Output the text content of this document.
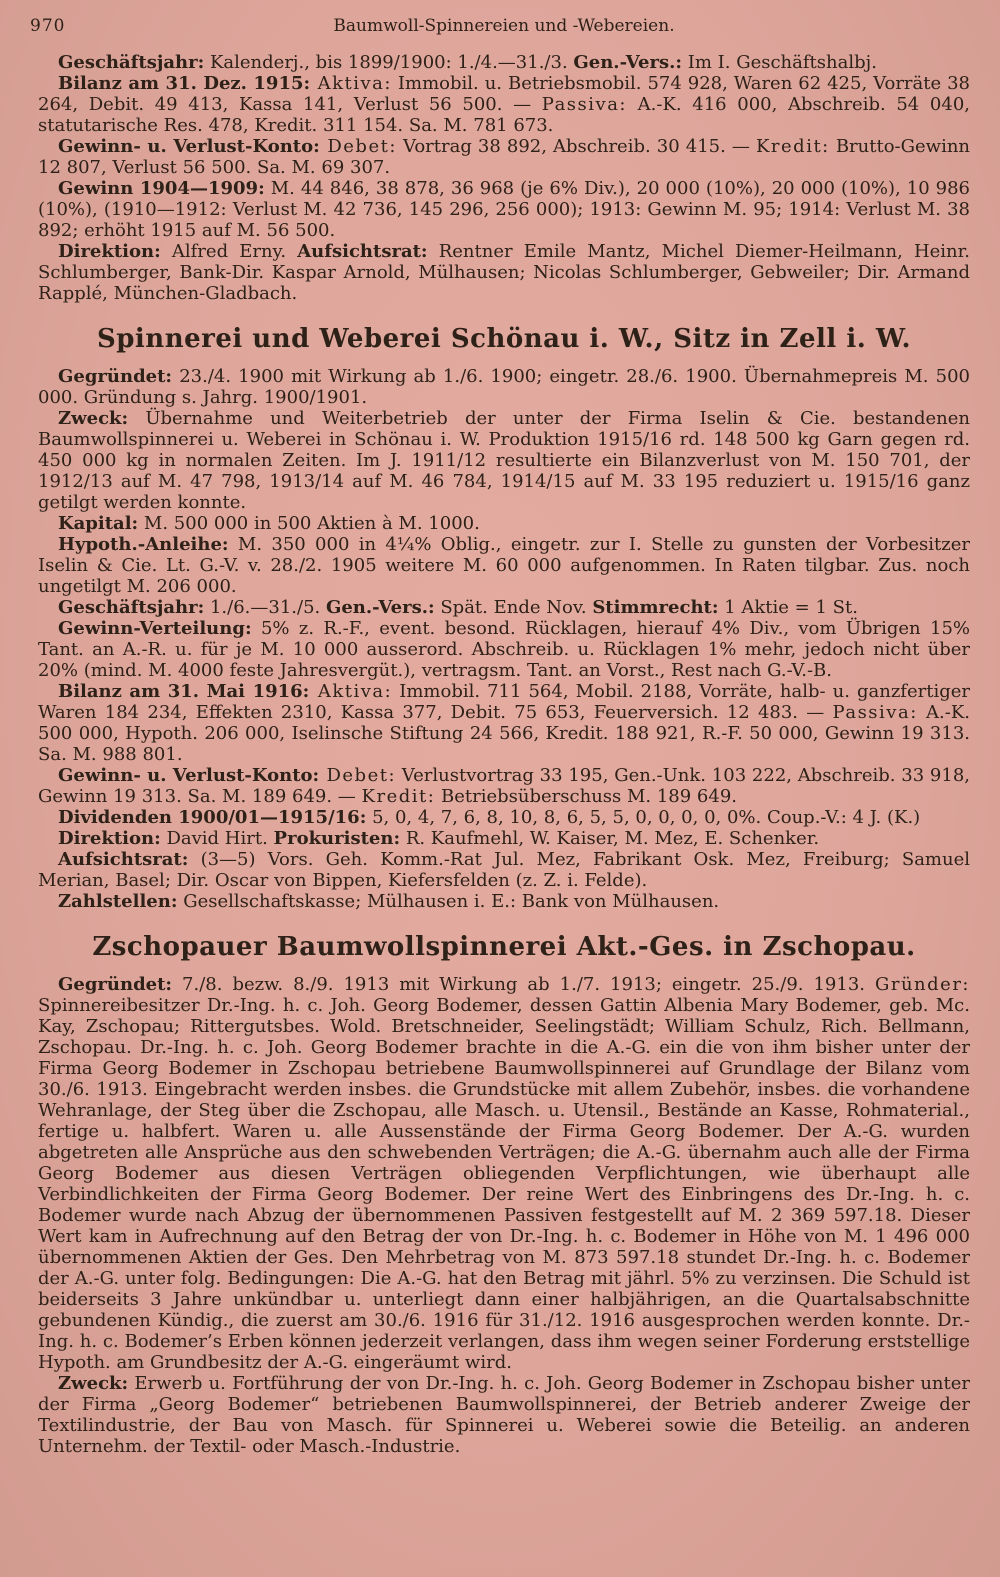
970	Baumwoll-Spinnereien und -Webereien.

Geschäftsjahr: Kalenderj., bis 1899/1900: 1./4.—31./3. Gen.-Vers.: Im I. Geschäftshalbj.

Bilanz am 31. Dez. 1915: Aktiva: Immobil. u. Betriebsmobil. 574 928, Waren 62 425, Vorräte 38 264, Debit. 49 413, Kassa 141, Verlust 56 500. — Passiva: A.-K. 416 000, Abschreib. 54 040, statutarische Res. 478, Kredit. 311 154. Sa. M. 781 673.

Gewinn- u. Verlust-Konto: Debet: Vortrag 38 892, Abschreib. 30 415. — Kredit: Brutto-Gewinn 12 807, Verlust 56 500. Sa. M. 69 307.

Gewinn 1904—1909: M. 44 846, 38 878, 36 968 (je 6% Div.), 20 000 (10%), 20 000 (10%), 10 986 (10%), (1910—1912: Verlust M. 42 736, 145 296, 256 000); 1913: Gewinn M. 95; 1914: Verlust M. 38 892; erhöht 1915 auf M. 56 500.

Direktion: Alfred Erny. Aufsichtsrat: Rentner Emile Mantz, Michel Diemer-Heilmann, Heinr. Schlumberger, Bank-Dir. Kaspar Arnold, Mülhausen; Nicolas Schlumberger, Gebweiler; Dir. Armand Rapplé, München-Gladbach.

Spinnerei und Weberei Schönau i. W., Sitz in Zell i. W.

Gegründet: 23./4. 1900 mit Wirkung ab 1./6. 1900; eingetr. 28./6. 1900. Übernahmepreis M. 500 000. Gründung s. Jahrg. 1900/1901.

Zweck: Übernahme und Weiterbetrieb der unter der Firma Iselin & Cie. bestandenen Baumwollspinnerei u. Weberei in Schönau i. W. Produktion 1915/16 rd. 148 500 kg Garn gegen rd. 450 000 kg in normalen Zeiten. Im J. 1911/12 resultierte ein Bilanzverlust von M. 150 701, der 1912/13 auf M. 47 798, 1913/14 auf M. 46 784, 1914/15 auf M. 33 195 reduziert u. 1915/16 ganz getilgt werden konnte.

Kapital: M. 500 000 in 500 Aktien à M. 1000.

Hypoth.-Anleihe: M. 350 000 in 4¼% Oblig., eingetr. zur I. Stelle zu gunsten der Vorbesitzer Iselin & Cie. Lt. G.-V. v. 28./2. 1905 weitere M. 60 000 aufgenommen. In Raten tilgbar. Zus. noch ungetilgt M. 206 000.

Geschäftsjahr: 1./6.—31./5. Gen.-Vers.: Spät. Ende Nov. Stimmrecht: 1 Aktie = 1 St.

Gewinn-Verteilung: 5% z. R.-F., event. besond. Rücklagen, hierauf 4% Div., vom Übrigen 15% Tant. an A.-R. u. für je M. 10 000 ausserord. Abschreib. u. Rücklagen 1% mehr, jedoch nicht über 20% (mind. M. 4000 feste Jahresvergüt.), vertragsm. Tant. an Vorst., Rest nach G.-V.-B.

Bilanz am 31. Mai 1916: Aktiva: Immobil. 711 564, Mobil. 2188, Vorräte, halb- u. ganzfertiger Waren 184 234, Effekten 2310, Kassa 377, Debit. 75 653, Feuerversich. 12 483. — Passiva: A.-K. 500 000, Hypoth. 206 000, Iselinsche Stiftung 24 566, Kredit. 188 921, R.-F. 50 000, Gewinn 19 313. Sa. M. 988 801.

Gewinn- u. Verlust-Konto: Debet: Verlustvortrag 33 195, Gen.-Unk. 103 222, Abschreib. 33 918, Gewinn 19 313. Sa. M. 189 649. — Kredit: Betriebsüberschuss M. 189 649.

Dividenden 1900/01—1915/16: 5, 0, 4, 7, 6, 8, 10, 8, 6, 5, 5, 0, 0, 0, 0, 0%. Coup.-V.: 4 J. (K.)

Direktion: David Hirt. Prokuristen: R. Kaufmehl, W. Kaiser, M. Mez, E. Schenker.

Aufsichtsrat: (3—5) Vors. Geh. Komm.-Rat Jul. Mez, Fabrikant Osk. Mez, Freiburg; Samuel Merian, Basel; Dir. Oscar von Bippen, Kiefersfelden (z. Z. i. Felde).

Zahlstellen: Gesellschaftskasse; Mülhausen i. E.: Bank von Mülhausen.

Zschopauer Baumwollspinnerei Akt.-Ges. in Zschopau.

Gegründet: 7./8. bezw. 8./9. 1913 mit Wirkung ab 1./7. 1913; eingetr. 25./9. 1913. Gründer: Spinnereibesitzer Dr.-Ing. h. c. Joh. Georg Bodemer, dessen Gattin Albenia Mary Bodemer, geb. Mc. Kay, Zschopau; Rittergutsbes. Wold. Bretschneider, Seelingstädt; William Schulz, Rich. Bellmann, Zschopau. Dr.-Ing. h. c. Joh. Georg Bodemer brachte in die A.-G. ein die von ihm bisher unter der Firma Georg Bodemer in Zschopau betriebene Baumwollspinnerei auf Grundlage der Bilanz vom 30./6. 1913. Eingebracht werden insbes. die Grundstücke mit allem Zubehör, insbes. die vorhandene Wehranlage, der Steg über die Zschopau, alle Masch. u. Utensil., Bestände an Kasse, Rohmaterial., fertige u. halbfert. Waren u. alle Aussenstände der Firma Georg Bodemer. Der A.-G. wurden abgetreten alle Ansprüche aus den schwebenden Verträgen; die A.-G. übernahm auch alle der Firma Georg Bodemer aus diesen Verträgen obliegenden Verpflichtungen, wie überhaupt alle Verbindlichkeiten der Firma Georg Bodemer. Der reine Wert des Einbringens des Dr.-Ing. h. c. Bodemer wurde nach Abzug der übernommenen Passiven festgestellt auf M. 2 369 597.18. Dieser Wert kam in Aufrechnung auf den Betrag der von Dr.-Ing. h. c. Bodemer in Höhe von M. 1 496 000 übernommenen Aktien der Ges. Den Mehrbetrag von M. 873 597.18 stundet Dr.-Ing. h. c. Bodemer der A.-G. unter folg. Bedingungen: Die A.-G. hat den Betrag mit jährl. 5% zu verzinsen. Die Schuld ist beiderseits 3 Jahre unkündbar u. unterliegt dann einer halbjährigen, an die Quartalsabschnitte gebundenen Kündig., die zuerst am 30./6. 1916 für 31./12. 1916 ausgesprochen werden konnte. Dr.-Ing. h. c. Bodemer’s Erben können jederzeit verlangen, dass ihm wegen seiner Forderung erststellige Hypoth. am Grundbesitz der A.-G. eingeräumt wird.

Zweck: Erwerb u. Fortführung der von Dr.-Ing. h. c. Joh. Georg Bodemer in Zschopau bisher unter der Firma „Georg Bodemer“ betriebenen Baumwollspinnerei, der Betrieb anderer Zweige der Textilindustrie, der Bau von Masch. für Spinnerei u. Weberei sowie die Beteilig. an anderen Unternehm. der Textil- oder Masch.-Industrie.
